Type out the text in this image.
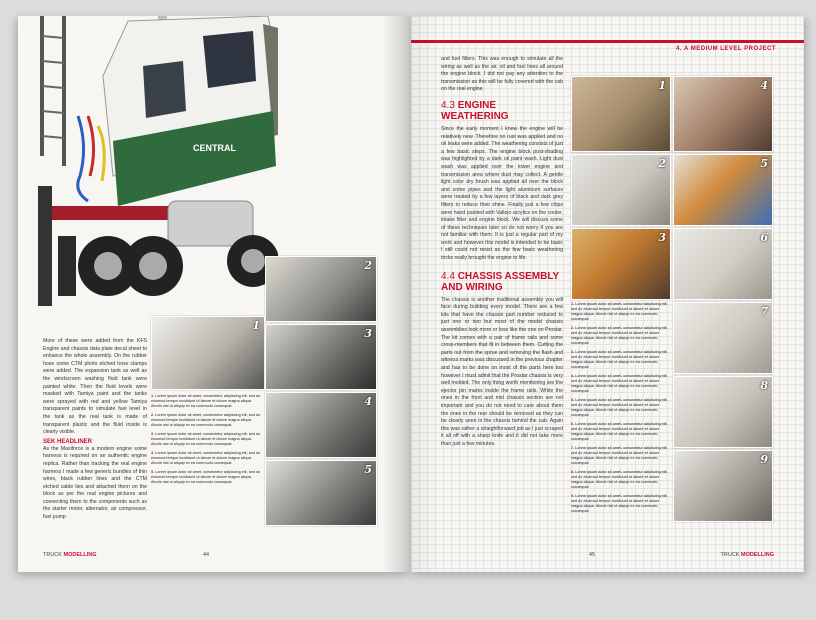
CENTRAL
2
1
3
4
5

1. Lorem ipsum dolor sit amet, consectetur adipiscing elit, sed do eiusmod tempor incididunt ut labore et dolore magna aliqua. Aboris nisi ut aliquip ex ea commodo consequat.

2. Lorem ipsum dolor sit amet, consectetur adipiscing elit, sed do eiusmod tempor incididunt ut labore et dolore magna aliqua. Aboris nisi ut aliquip ex ea commodo consequat.

3. Lorem ipsum dolor sit amet, consectetur adipiscing elit, sed do eiusmod tempor incididunt ut labore et dolore magna aliqua. Aboris nisi ut aliquip ex ea commodo consequat.

4. Lorem ipsum dolor sit amet, consectetur adipiscing elit, sed do eiusmod tempor incididunt ut labore et dolore magna aliqua. Aboris nisi ut aliquip ex ea commodo consequat.

5. Lorem ipsum dolor sit amet, consectetur adipiscing elit, sed do eiusmod tempor incididunt ut labore et dolore magna aliqua. Aboris nisi ut aliquip ex ea commodo consequat.

More of these were added from the KFS Engine and chassis data plate decal sheet to enhance the whole assembly. On the rubber hose some CTM photo etched hose clamps were added. The expansion tank as well as the windscreen washing fluid tank were painted white. Then the fluid levels were masked with Tamiya paint and the tanks were sprayed with red and yellow Tamiya transparent paints to simulate fuel level in the tank as the real tank is made of transparent plastic and the fluid inside is clearly visible.

SEK HEADLINER

As the Maxiforce is a modern engine some harness is required on an authentic engine replica. Rather than tracking the real engine harness I made a few generic bundles of thin wires, black rubber lines and the CTM etched cable ties and attached them on the block as per the real engine pictures and connecting them to the components such as the starter motor, alternator, air compressor, fuel pump

TRUCK MODELLING	44
4. A MEDIUM LEVEL PROJECT

and fuel filters. This was enough to simulate all the wiring as well as the air, oil and fuel lines all around the engine block. I did not pay any attention to the transmission as this will be fully covered with the cab on the real engine.

4.3 ENGINE WEATHERING

Since the early moment I knew the engine will be relatively new. Therefore no rust was applied and no oil leaks were added. The weathering consists of just a few basic steps. The engine block post-shading was highlighted by a dark oil paint wash. Light dust wash was applied over the lower engine and transmission area where dust may collect. A gentle light color dry brush was applied all over the block and some pipes and the light aluminum surfaces were treated by a few layers of black and dark grey filters to reduce their shine. Finally just a few chips were hand painted with Vallejo acrylics on the cooler, intake filter and engine block. We will discuss some of these techniques later so do not worry if you are not familiar with them. It is just a regular part of my work and however this model is intended to be basic I still could not resist as the few basic weathering tricks really brought the engine to life.

4.4 CHASSIS ASSEMBLY AND WIRING

The chassis is another traditional assembly you will face during building every model. There are a few kits that have the chassis part number reduced to just one or two but most of the model chassis assemblies look more or less like the one on Prostar. The kit comes with a pair of frame rails and some cross-members that fit in between them. Cutting the parts out from the sprue and removing the flash and witness marks was discussed in the previous chapter and has to be done on most of the parts here too however I must admit that the Prostar chassis is very well molded. The only thing worth mentioning are the ejector pin marks inside the frame rails. While the ones in the front and mid chassis section are not important and you do not need to care about them the ones in the rear should be removed as they can be clearly seen in the chassis behind the cab. Again this was rather a straightforward job as I just scraped it all off with a sharp knife and it did not take more than just a few minutes.

1	4
2	5
3	6

1. Lorem ipsum dolor sit amet, consectetur adipiscing elit, sed do eiusmod tempor incididunt ut labore et dolore magna aliqua. Aboris nisi ut aliquip ex ea commodo consequat.

2. Lorem ipsum dolor sit amet, consectetur adipiscing elit, sed do eiusmod tempor incididunt ut labore et dolore magna aliqua. Aboris nisi ut aliquip ex ea commodo consequat.

3. Lorem ipsum dolor sit amet, consectetur adipiscing elit, sed do eiusmod tempor incididunt ut labore et dolore magna aliqua. Aboris nisi ut aliquip ex ea commodo consequat.

4. Lorem ipsum dolor sit amet, consectetur adipiscing elit, sed do eiusmod tempor incididunt ut labore et dolore magna aliqua. Aboris nisi ut aliquip ex ea commodo consequat.

5. Lorem ipsum dolor sit amet, consectetur adipiscing elit, sed do eiusmod tempor incididunt ut labore et dolore magna aliqua. Aboris nisi ut aliquip ex ea commodo consequat.

6. Lorem ipsum dolor sit amet, consectetur adipiscing elit, sed do eiusmod tempor incididunt ut labore et dolore magna aliqua. Aboris nisi ut aliquip ex ea commodo consequat.

7. Lorem ipsum dolor sit amet, consectetur adipiscing elit, sed do eiusmod tempor incididunt ut labore et dolore magna aliqua. Aboris nisi ut aliquip ex ea commodo consequat.

8. Lorem ipsum dolor sit amet, consectetur adipiscing elit, sed do eiusmod tempor incididunt ut labore et dolore magna aliqua. Aboris nisi ut aliquip ex ea commodo consequat.

9. Lorem ipsum dolor sit amet, consectetur adipiscing elit, sed do eiusmod tempor incididunt ut labore et dolore magna aliqua. Aboris nisi ut aliquip ex ea commodo consequat.

7
8
9
45	TRUCK MODELLING
